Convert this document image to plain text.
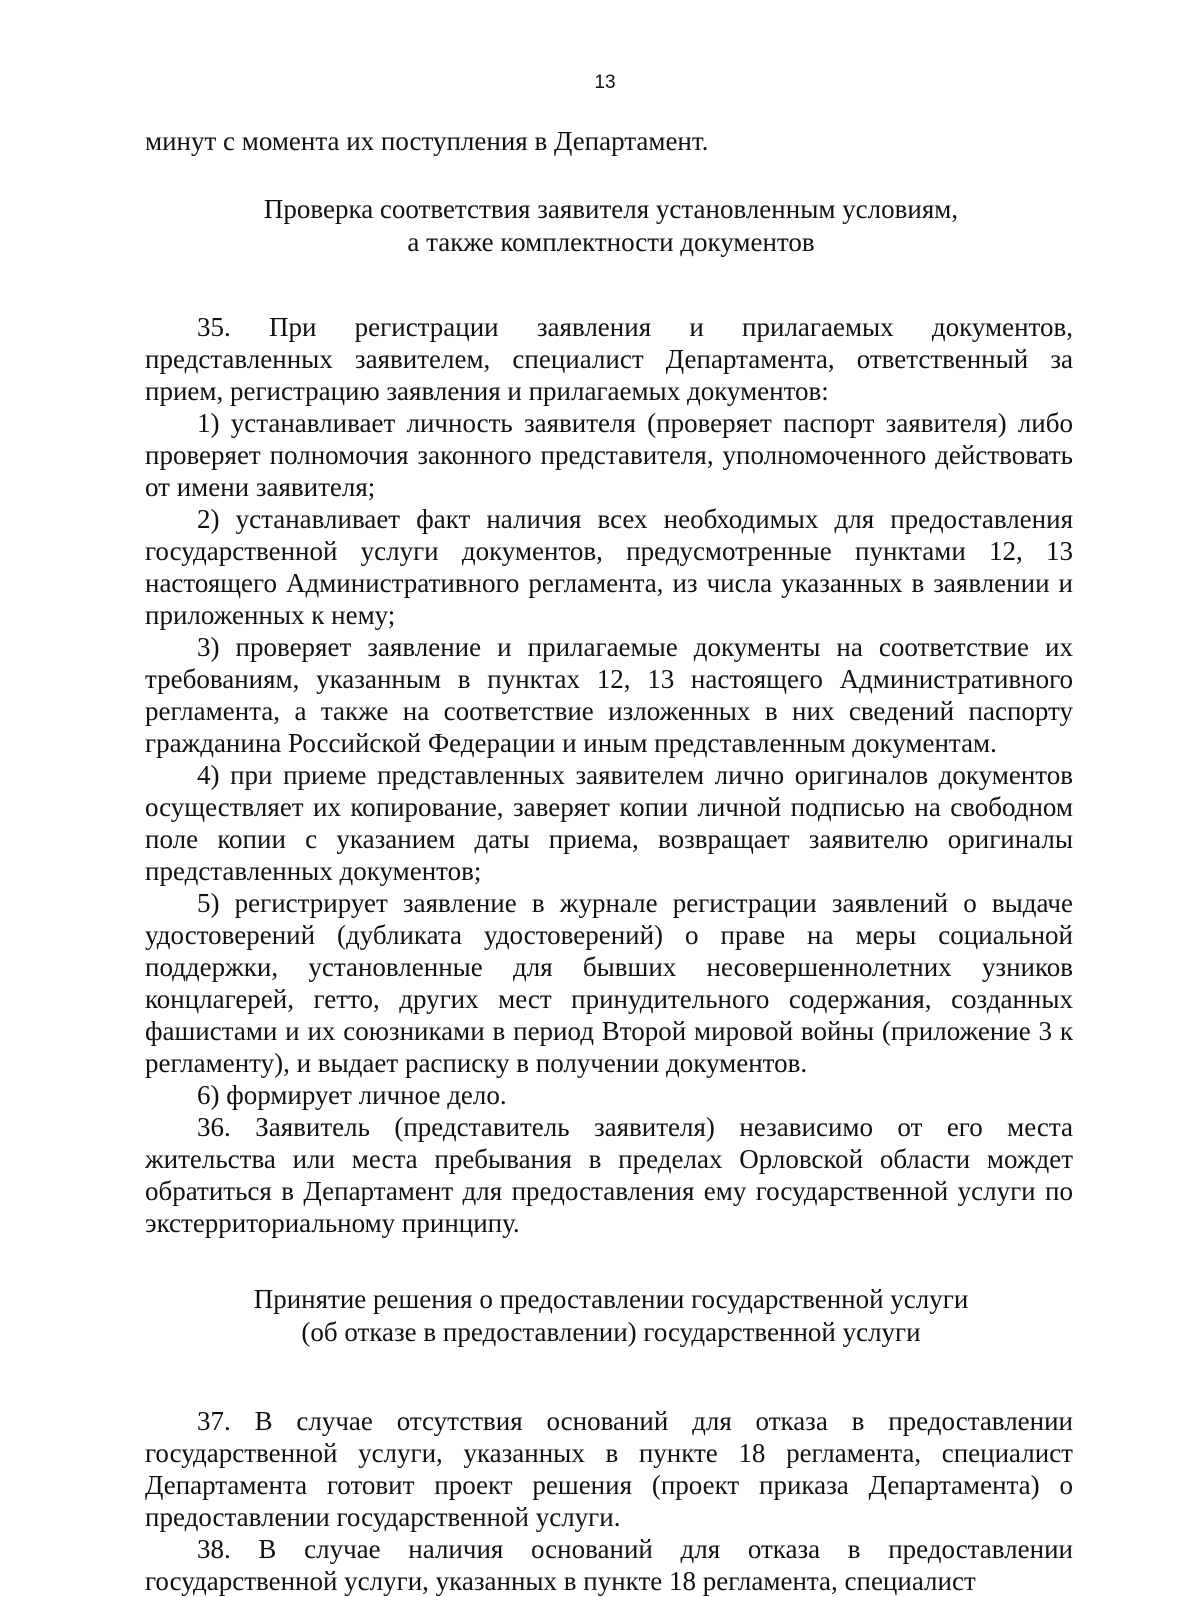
13

минут с момента их поступления в Департамент.

Проверка соответствия заявителя установленным условиям,
а также комплектности документов

35. При регистрации заявления и прилагаемых документов, представленных заявителем, специалист Департамента, ответственный за прием, регистрацию заявления и прилагаемых документов:

1) устанавливает личность заявителя (проверяет паспорт заявителя) либо проверяет полномочия законного представителя, уполномоченного действовать от имени заявителя;

2) устанавливает факт наличия всех необходимых для предоставления государственной услуги документов, предусмотренные пунктами 12, 13 настоящего Административного регламента, из числа указанных в заявлении и приложенных к нему;

3) проверяет заявление и прилагаемые документы на соответствие их требованиям, указанным в пунктах 12, 13 настоящего Административного регламента, а также на соответствие изложенных в них сведений паспорту гражданина Российской Федерации и иным представленным документам.

4) при приеме представленных заявителем лично оригиналов документов осуществляет их копирование, заверяет копии личной подписью на свободном поле копии с указанием даты приема, возвращает заявителю оригиналы представленных документов;

5) регистрирует заявление в журнале регистрации заявлений о выдаче удостоверений (дубликата удостоверений) о праве на меры социальной поддержки, установленные для бывших несовершеннолетних узников концлагерей, гетто, других мест принудительного содержания, созданных фашистами и их союзниками в период Второй мировой войны (приложение 3 к регламенту), и выдает расписку в получении документов.

6) формирует личное дело.

36. Заявитель (представитель заявителя) независимо от его места жительства или места пребывания в пределах Орловской области мождет обратиться в Департамент для предоставления ему государственной услуги по экстерриториальному принципу.

Принятие решения о предоставлении государственной услуги
(об отказе в предоставлении) государственной услуги

37. В случае отсутствия оснований для отказа в предоставлении государственной услуги, указанных в пункте 18 регламента, специалист Департамента готовит проект решения (проект приказа Департамента) о предоставлении государственной услуги.

38. В случае наличия оснований для отказа в предоставлении государственной услуги, указанных в пункте 18 регламента, специалист
